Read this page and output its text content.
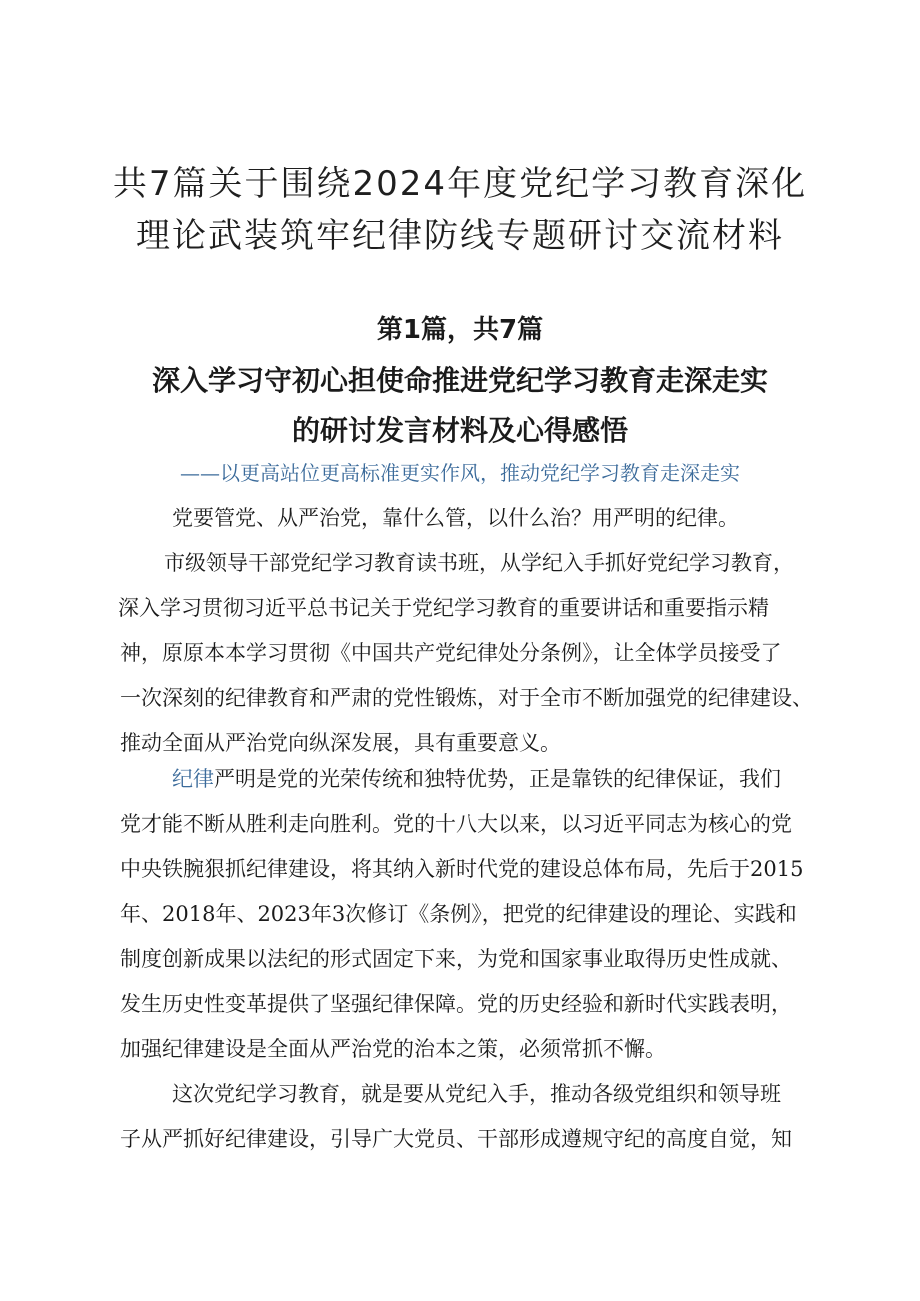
共7篇关于围绕2024年度党纪学习教育深化
理论武装筑牢纪律防线专题研讨交流材料
第1篇，共7篇
深入学习守初心担使命推进党纪学习教育走深走实
的研讨发言材料及心得感悟
——以更高站位更高标准更实作风，推动党纪学习教育走深走实
党要管党、从严治党，靠什么管，以什么治？用严明的纪律。
市级领导干部党纪学习教育读书班，从学纪入手抓好党纪学习教育，
深入学习贯彻习近平总书记关于党纪学习教育的重要讲话和重要指示精
神，原原本本学习贯彻《中国共产党纪律处分条例》，让全体学员接受了
一次深刻的纪律教育和严肃的党性锻炼，对于全市不断加强党的纪律建设、
推动全面从严治党向纵深发展，具有重要意义。
纪律严明是党的光荣传统和独特优势，正是靠铁的纪律保证，我们
党才能不断从胜利走向胜利。党的十八大以来，以习近平同志为核心的党
中央铁腕狠抓纪律建设，将其纳入新时代党的建设总体布局，先后于2015
年、2018年、2023年3次修订《条例》，把党的纪律建设的理论、实践和
制度创新成果以法纪的形式固定下来，为党和国家事业取得历史性成就、
发生历史性变革提供了坚强纪律保障。党的历史经验和新时代实践表明，
加强纪律建设是全面从严治党的治本之策，必须常抓不懈。
这次党纪学习教育，就是要从党纪入手，推动各级党组织和领导班
子从严抓好纪律建设，引导广大党员、干部形成遵规守纪的高度自觉，知
